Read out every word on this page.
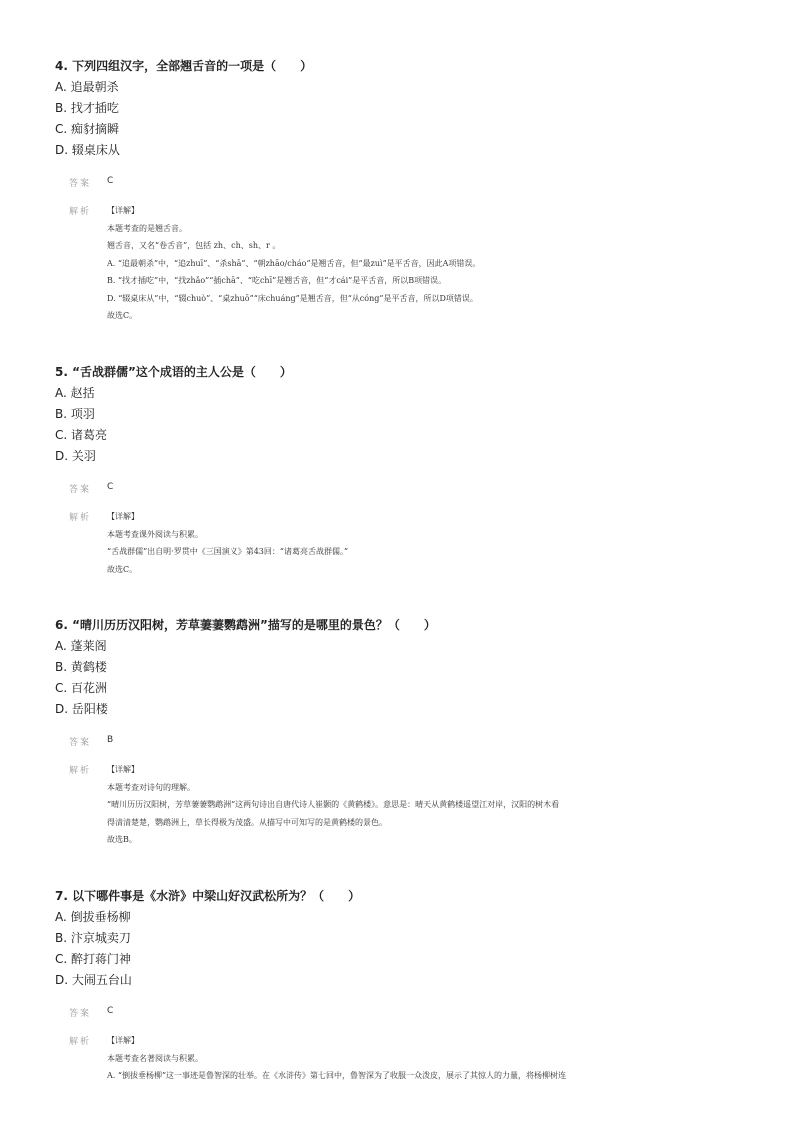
4. 下列四组汉字，全部翘舌音的一项是（　　）
A. 追最朝杀
B. 找才插吃
C. 痴豺摘瞬
D. 辍桌床从
答案 C
解析 【详解】
本题考查的是翘舌音。
翘舌音，又名“卷舌音”，包括 zh、ch、sh、r 。
A. “追最朝杀”中，“追zhuī”、“杀shā”、“朝zhāo/cháo”是翘舌音，但“最zuì”是平舌音，因此A项错误。
B. “找才插吃”中，“找zhǎo”“插chā”、“吃chī”是翘舌音，但“才cái”是平舌音，所以B项错误。
D. “辍桌床从”中，“辍chuò”、“桌zhuō”“床chuáng”是翘舌音，但“从cóng”是平舌音，所以D项错误。
故选C。
5. “舌战群儒”这个成语的主人公是（　　）
A. 赵括
B. 项羽
C. 诸葛亮
D. 关羽
答案 C
解析 【详解】
本题考查课外阅读与积累。
“舌战群儒”出自明·罗贯中《三国演义》第43回：“诸葛亮舌战群儒。”
故选C。
6. “晴川历历汉阳树，芳草萋萋鹦鹉洲”描写的是哪里的景色？（　　）
A. 蓬莱阁
B. 黄鹤楼
C. 百花洲
D. 岳阳楼
答案 B
解析 【详解】
本题考查对诗句的理解。
“晴川历历汉阳树，芳草萋萋鹦鹉洲”这两句诗出自唐代诗人崔颢的《黄鹤楼》。意思是：晴天从黄鹤楼遥望江对岸，汉阳的树木看
得清清楚楚，鹦鹉洲上，草长得极为茂盛。从描写中可知写的是黄鹤楼的景色。
故选B。
7. 以下哪件事是《水浒》中梁山好汉武松所为？（　　）
A. 倒拔垂杨柳
B. 汴京城卖刀
C. 醉打蒋门神
D. 大闹五台山
答案 C
解析 【详解】
本题考查名著阅读与积累。
A. “倒拔垂杨柳”这一事迹是鲁智深的壮举。在《水浒传》第七回中，鲁智深为了收服一众泼皮，展示了其惊人的力量，将杨柳树连
